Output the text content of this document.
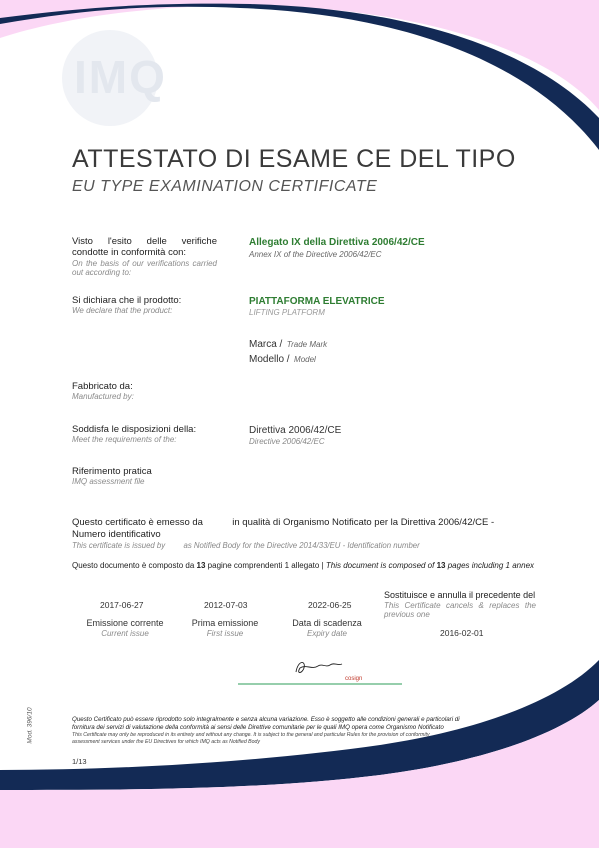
IMQ
ATTESTATO DI ESAME CE DEL TIPO
EU TYPE EXAMINATION CERTIFICATE
Visto l'esito delle verifiche condotte in conformità con:
On the basis of our verifications carried out according to:
Allegato IX della Direttiva 2006/42/CE
Annex IX of the Directive 2006/42/EC
Si dichiara che il prodotto:
We declare that the product:
PIATTAFORMA ELEVATRICE
LIFTING PLATFORM
Marca / Trade Mark
Modello / Model
Fabbricato da:
Manufactured by:
Soddisfa le disposizioni della:
Meet the requirements of the:
Direttiva 2006/42/CE
Directive 2006/42/EC
Riferimento pratica
IMQ assessment file
Questo certificato è emesso da	in qualità di Organismo Notificato per la Direttiva 2006/42/CE -
Numero identificativo
This certificate is issued by as Notified Body for the Directive 2014/33/EU - Identification number
Questo documento è composto da 13 pagine comprendenti 1 allegato | This document is composed of 13 pages including 1 annex
2017-06-27
Emissione corrente
Current issue
2012-07-03
Prima emissione
First issue
2022-06-25
Data di scadenza
Expiry date
Sostituisce e annulla il precedente del
This Certificate cancels & replaces the previous one
2016-02-01
cosign
Mod. 396/10	Questo Certificato può essere riprodotto solo integralmente e senza alcuna variazione. Esso è soggetto alle condizioni generali e particolari di fornitura dei servizi di valutazione della conformità ai sensi delle Direttive comunitarie per le quali IMQ opera come Organismo Notificato
This Certificate may only be reproduced in its entirety and without any change. It is subject to the general and particular Rules for the provision of conformity assessment services under the EU Directives for which IMQ acts as Notified Body
1/13
